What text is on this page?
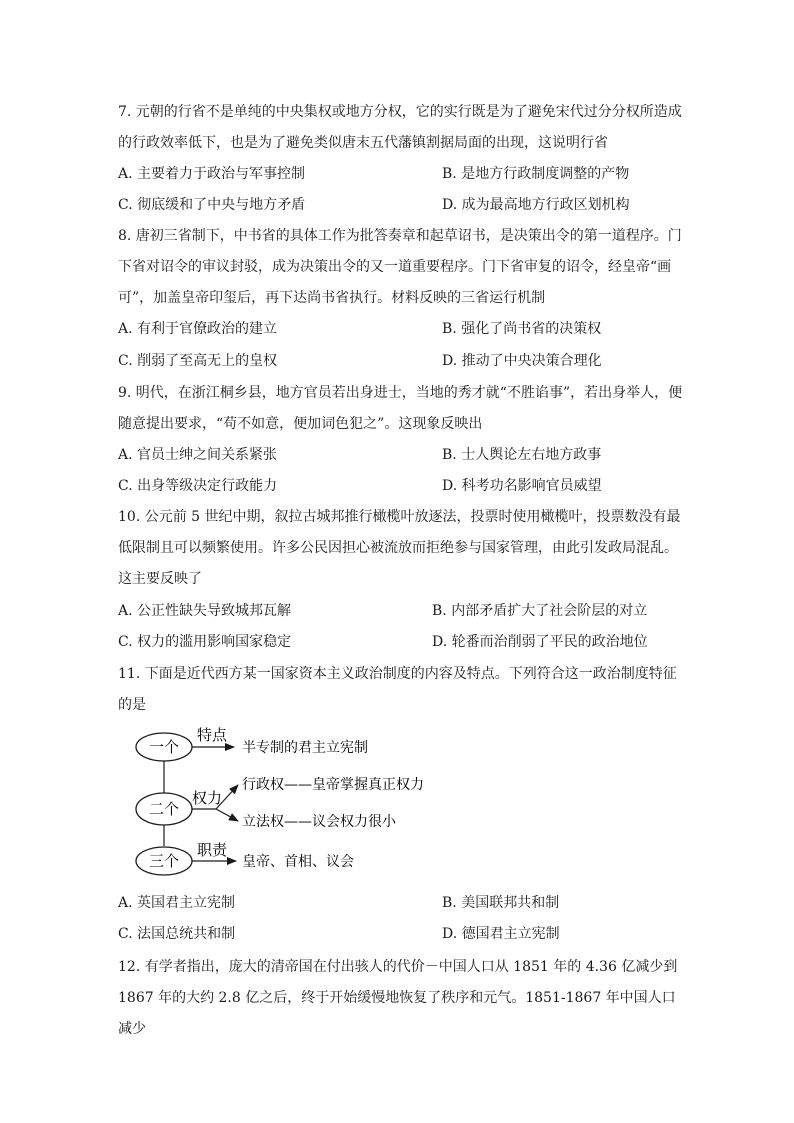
7. 元朝的行省不是单纯的中央集权或地方分权，它的实行既是为了避免宋代过分分权所造成的行政效率低下，也是为了避免类似唐末五代藩镇割据局面的出现，这说明行省

A. 主要着力于政治与军事控制	B. 是地方行政制度调整的产物
C. 彻底缓和了中央与地方矛盾	D. 成为最高地方行政区划机构

8. 唐初三省制下，中书省的具体工作为批答奏章和起草诏书，是决策出令的第一道程序。门下省对诏令的审议封驳，成为决策出令的又一道重要程序。门下省审复的诏令，经皇帝“画可”，加盖皇帝印玺后，再下达尚书省执行。材料反映的三省运行机制

A. 有利于官僚政治的建立	B. 强化了尚书省的决策权
C. 削弱了至高无上的皇权	D. 推动了中央决策合理化

9. 明代，在浙江桐乡县，地方官员若出身进士，当地的秀才就“不胜谄事”，若出身举人，便随意提出要求，“苟不如意，便加词色犯之”。这现象反映出

A. 官员士绅之间关系紧张	B. 士人舆论左右地方政事
C. 出身等级决定行政能力	D. 科考功名影响官员威望

10. 公元前 5 世纪中期，叙拉古城邦推行橄榄叶放逐法，投票时使用橄榄叶，投票数没有最低限制且可以频繁使用。许多公民因担心被流放而拒绝参与国家管理，由此引发政局混乱。这主要反映了

A. 公正性缺失导致城邦瓦解	B. 内部矛盾扩大了社会阶层的对立
C. 权力的滥用影响国家稳定	D. 轮番而治削弱了平民的政治地位

11. 下面是近代西方某一国家资本主义政治制度的内容及特点。下列符合这一政治制度特征的是

一个
二个
三个
特点
权力
职责
半专制的君主立宪制
行政权——皇帝掌握真正权力
立法权——议会权力很小
皇帝、首相、议会
A. 英国君主立宪制	B. 美国联邦共和制
C. 法国总统共和制	D. 德国君主立宪制

12. 有学者指出，庞大的清帝国在付出骇人的代价－中国人口从 1851 年的 4.36 亿减少到 1867 年的大约 2.8 亿之后，终于开始缓慢地恢复了秩序和元气。1851-1867 年中国人口减少
